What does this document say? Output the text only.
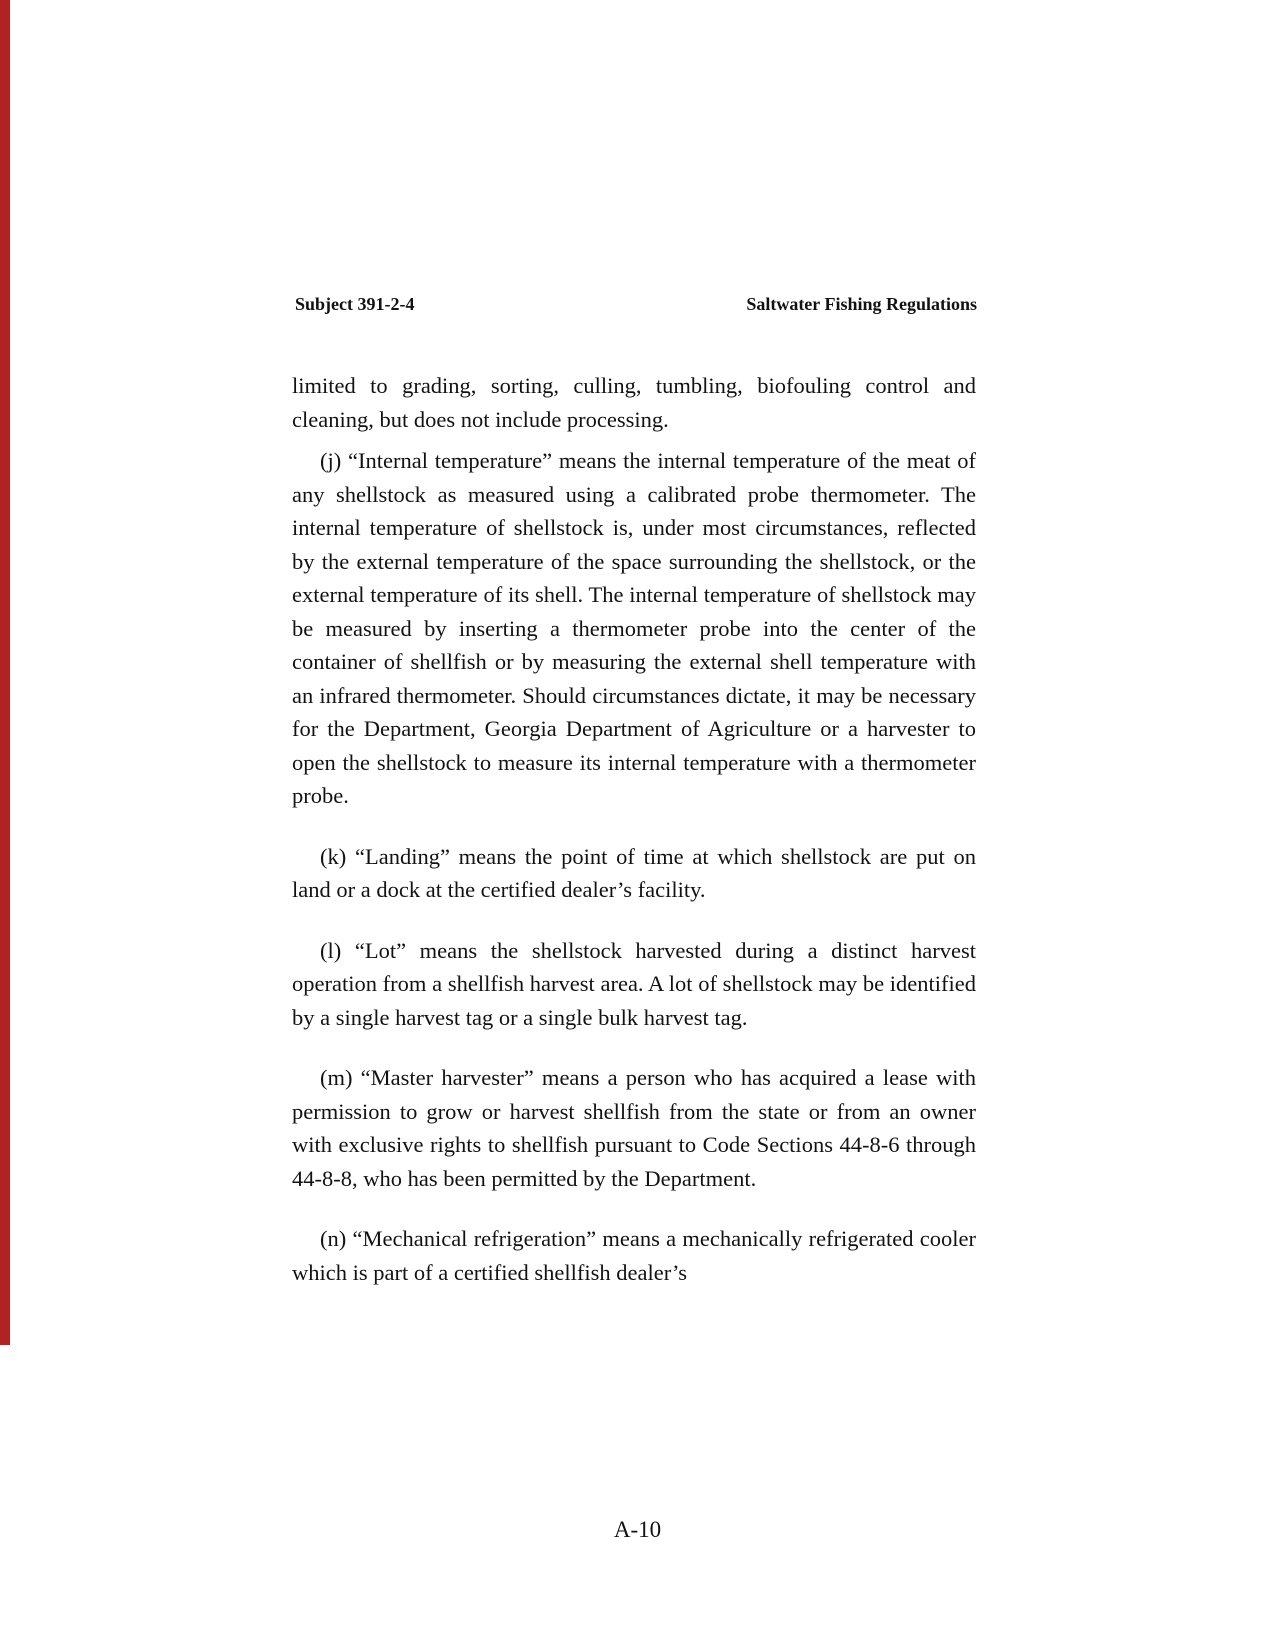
Subject 391-2-4	Saltwater Fishing Regulations

limited to grading, sorting, culling, tumbling, biofouling control and cleaning, but does not include processing.

(j) “Internal temperature” means the internal temperature of the meat of any shellstock as measured using a calibrated probe thermometer. The internal temperature of shellstock is, under most circumstances, reflected by the external temperature of the space surrounding the shellstock, or the external temperature of its shell. The internal temperature of shellstock may be measured by inserting a thermometer probe into the center of the container of shellfish or by measuring the external shell temperature with an infrared thermometer. Should circumstances dictate, it may be necessary for the Department, Georgia Department of Agriculture or a harvester to open the shellstock to measure its internal temperature with a thermometer probe.

(k) “Landing” means the point of time at which shellstock are put on land or a dock at the certified dealer’s facility.

(l) “Lot” means the shellstock harvested during a distinct harvest operation from a shellfish harvest area. A lot of shellstock may be identified by a single harvest tag or a single bulk harvest tag.

(m) “Master harvester” means a person who has acquired a lease with permission to grow or harvest shellfish from the state or from an owner with exclusive rights to shellfish pursuant to Code Sections 44-8-6 through 44-8-8, who has been permitted by the Department.

(n) “Mechanical refrigeration” means a mechanically refrigerated cooler which is part of a certified shellfish dealer’s

A-10
